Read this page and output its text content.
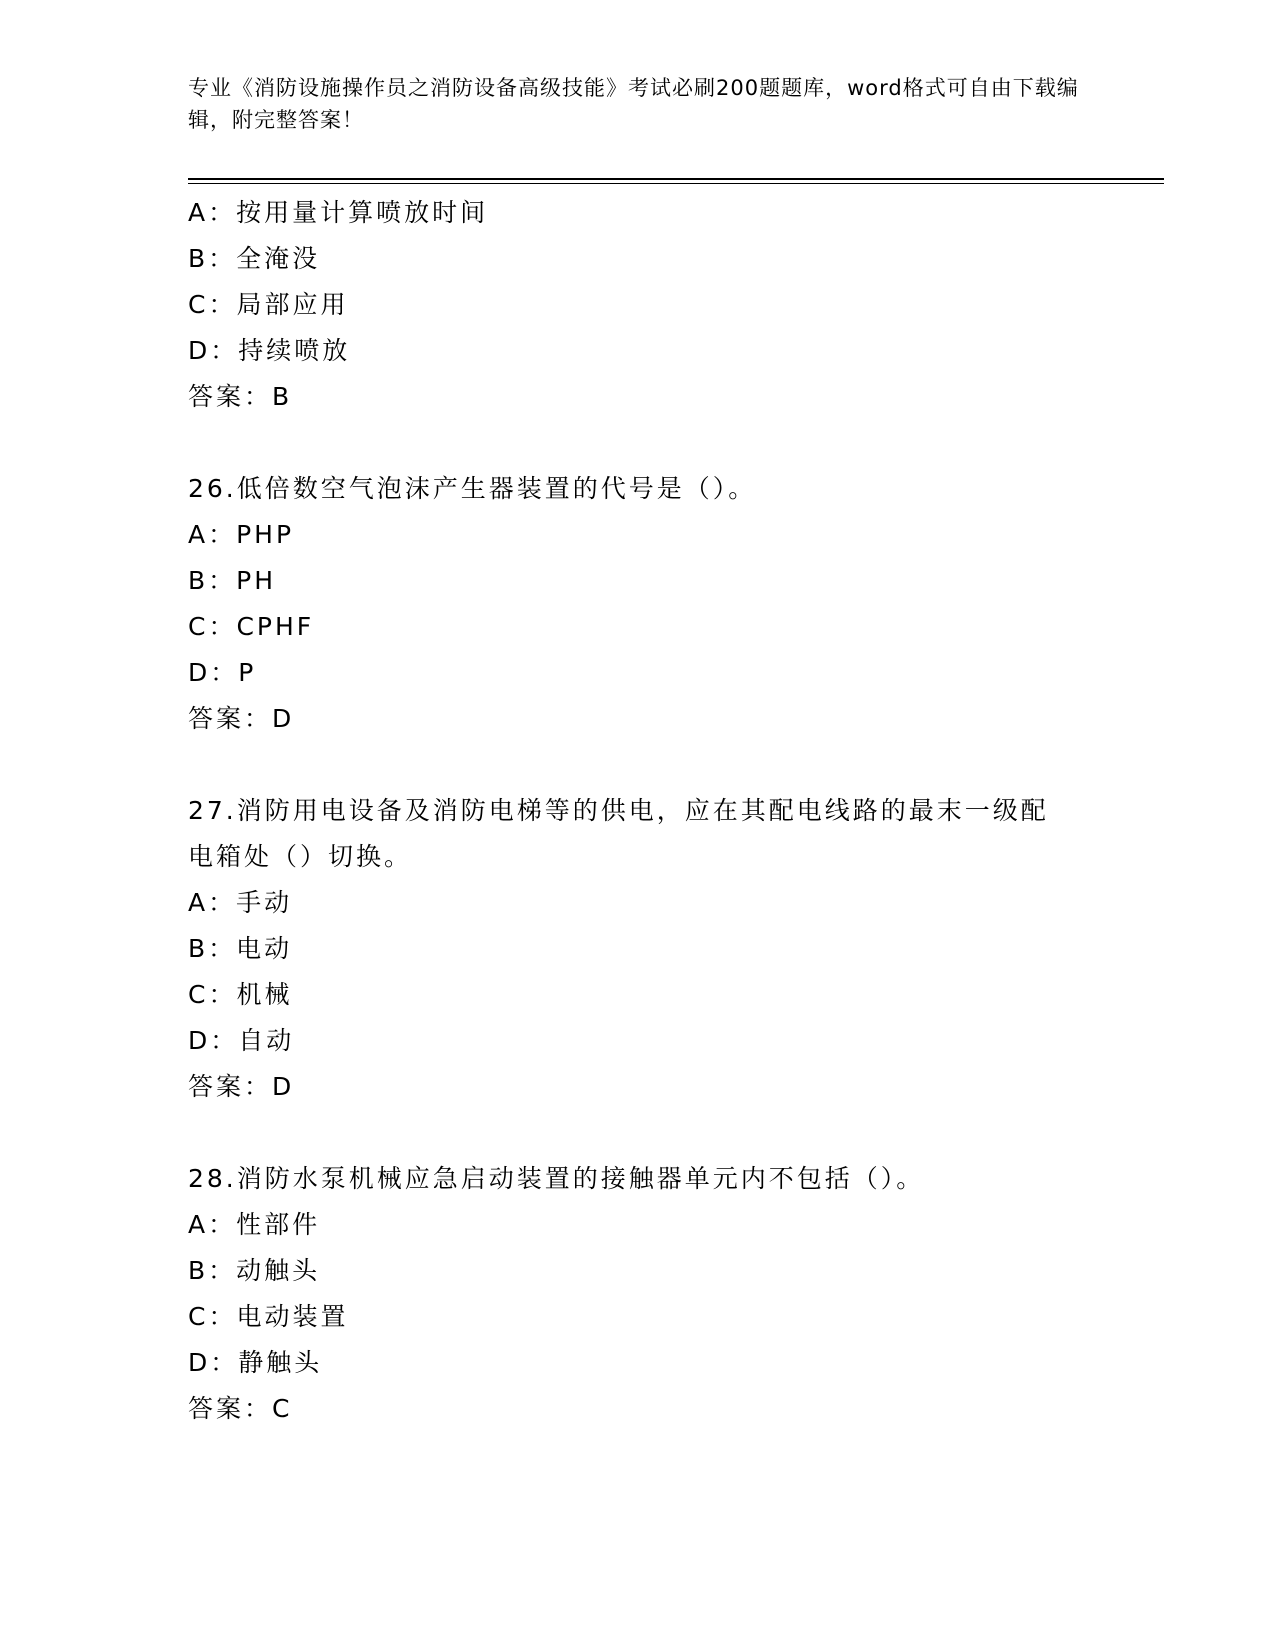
专业《消防设施操作员之消防设备高级技能》考试必刷200题题库，word格式可自由下载编辑，附完整答案！
A：按用量计算喷放时间
B：全淹没
C：局部应用
D：持续喷放
答案：B
26.低倍数空气泡沫产生器装置的代号是（）。
A：PHP
B：PH
C：CPHF
D：P
答案：D
27.消防用电设备及消防电梯等的供电，应在其配电线路的最末一级配电箱处（）切换。
A：手动
B：电动
C：机械
D：自动
答案：D
28.消防水泵机械应急启动装置的接触器单元内不包括（）。
A：性部件
B：动触头
C：电动装置
D：静触头
答案：C
